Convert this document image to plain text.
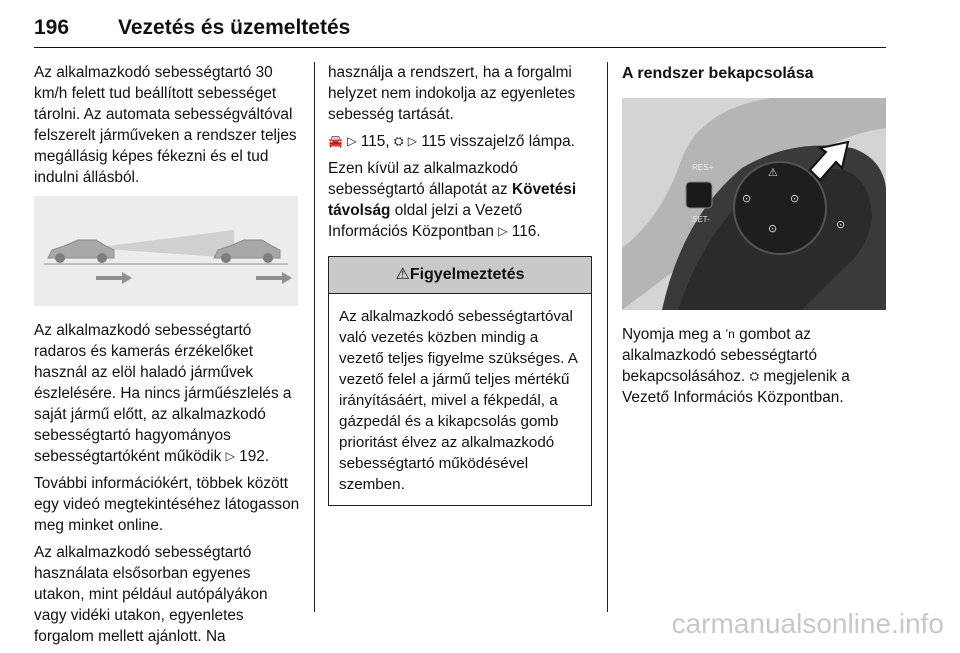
196 Vezetés és üzemeltetés

Az alkalmazkodó sebességtartó 30 km/h felett tud beállított sebességet tárolni. Az automata sebességváltóval felszerelt járműveken a rendszer teljes megállásig képes fékezni és el tud indulni állásból.

Az alkalmazkodó sebességtartó radaros és kamerás érzékelőket használ az elöl haladó járművek észlelésére. Ha nincs járműészlelés a saját jármű előtt, az alkalmazkodó sebességtartó hagyományos sebességtartóként működik ▷ 192.

További információkért, többek között egy videó megtekintéséhez látogasson meg minket online.

Az alkalmazkodó sebességtartó használata elsősorban egyenes utakon, mint például autópályákon vagy vidéki utakon, egyenletes forgalom mellett ajánlott. Na

használja a rendszert, ha a forgalmi helyzet nem indokolja az egyenletes sebesség tartását.

🚘 ▷ 115, ⛭ ▷ 115 visszajelző lámpa.

Ezen kívül az alkalmazkodó sebességtartó állapotát az Követési távolság oldal jelzi a Vezető Információs Központban ▷ 116.

⚠Figyelmeztetés
Az alkalmazkodó sebességtartóval való vezetés közben mindig a vezető teljes figyelme szükséges. A vezető felel a jármű teljes mértékű irányításáért, mivel a fékpedál, a gázpedál és a kikapcsolás gomb prioritást élvez az alkalmazkodó sebességtartó működésével szemben.
A rendszer bekapcsolása
RES+
SET-
⚠
⊙	⊙
⊙	⊙

Nyomja meg a ʼn gombot az alkalmazkodó sebességtartó bekapcsolásához. ⛭ megjelenik a Vezető Információs Központban.

carmanualsonline.info
